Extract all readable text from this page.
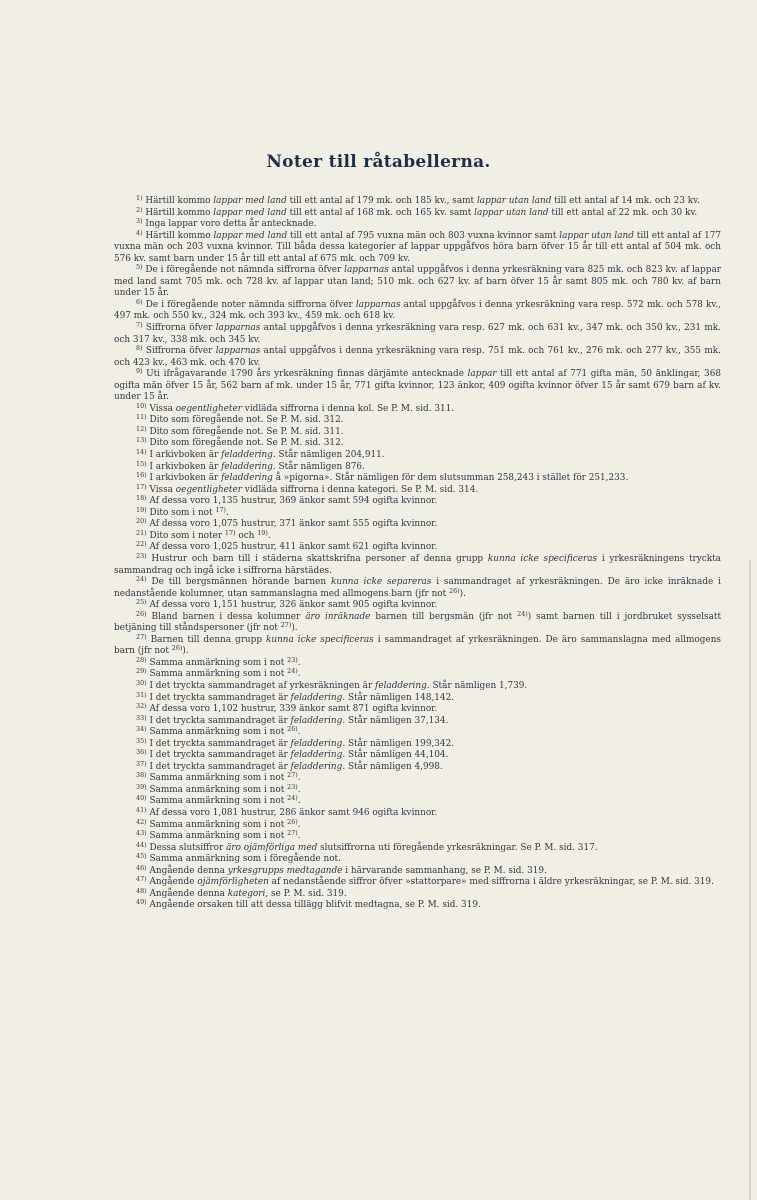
Noter till råtabellerna.

$^{1)}$ Härtill kommo lappar med land till ett antal af 179 mk. och 185 kv., samt lappar utan land till ett antal af 14 mk. och 23 kv.

$^{2)}$ Härtill kommo lappar med land till ett antal af 168 mk. och 165 kv. samt lappar utan land till ett antal af 22 mk. och 30 kv.

$^{3)}$ Inga lappar voro detta år antecknade.

$^{4)}$ Härtill kommo lappar med land till ett antal af 795 vuxna män och 803 vuxna kvinnor samt lappar utan land till ett antal af 177 vuxna män och 203 vuxna kvinnor. Till båda dessa kategorier af lappar uppgåfvos höra barn öfver 15 år till ett antal af 504 mk. och 576 kv. samt barn under 15 år till ett antal af 675 mk. och 709 kv.

$^{5)}$ De i föregående not nämnda siffrorna öfver lapparnas antal uppgåfvos i denna yrkesräkning vara 825 mk. och 823 kv. af lappar med land samt 705 mk. och 728 kv. af lappar utan land; 510 mk. och 627 kv. af barn öfver 15 år samt 805 mk. och 780 kv. af barn under 15 år.

$^{6)}$ De i föregående noter nämnda siffrorna öfver lapparnas antal uppgåfvos i denna yrkesräkning vara resp. 572 mk. och 578 kv., 497 mk. och 550 kv., 324 mk. och 393 kv., 459 mk. och 618 kv.

$^{7)}$ Siffrorna öfver lapparnas antal uppgåfvos i denna yrkesräkning vara resp. 627 mk. och 631 kv., 347 mk. och 350 kv., 231 mk. och 317 kv., 338 mk. och 345 kv.

$^{8)}$ Siffrorna öfver lapparnas antal uppgåfvos i denna yrkesräkning vara resp. 751 mk. och 761 kv., 276 mk. och 277 kv., 355 mk. och 423 kv., 463 mk. och 470 kv.

$^{9)}$ Uti ifrågavarande 1790 års yrkesräkning finnas därjämte antecknade lappar till ett antal af 771 gifta män, 50 änklingar, 368 ogifta män öfver 15 år, 562 barn af mk. under 15 år, 771 gifta kvinnor, 123 änkor, 409 ogifta kvinnor öfver 15 år samt 679 barn af kv. under 15 år.

$^{10)}$ Vissa oegentligheter vidläda siffrorna i denna kol. Se P. M. sid. 311.

$^{11)}$ Dito som föregående not. Se P. M. sid. 312.

$^{12)}$ Dito som föregående not. Se P. M. sid. 311.

$^{13)}$ Dito som föregående not. Se P. M. sid. 312.

$^{14)}$ I arkivboken är feladdering. Står nämligen 204,911.

$^{15)}$ I arkivboken är feladdering. Står nämligen 876.

$^{16)}$ I arkivboken är feladdering å »pigorna». Står nämligen för dem slutsumman 258,243 i stället för 251,233.

$^{17)}$ Vissa oegentligheter vidläda siffrorna i denna kategori. Se P. M. sid. 314.

$^{18)}$ Af dessa voro 1,135 hustrur, 369 änkor samt 594 ogifta kvinnor.

$^{19)}$ Dito som i not $^{17)}$.

$^{20)}$ Af dessa voro 1,075 hustrur, 371 änkor samt 555 ogifta kvinnor.

$^{21)}$ Dito som i noter $^{17)}$ och $^{19)}$.

$^{22)}$ Af dessa voro 1,025 hustrur, 411 änkor samt 621 ogifta kvinnor.

$^{23)}$ Hustrur och barn till i städerna skattskrifna personer af denna grupp kunna icke specificeras i yrkesräkningens tryckta sammandrag och ingå icke i siffrorna härstädes.

$^{24)}$ De till bergsmännen hörande barnen kunna icke separeras i sammandraget af yrkesräkningen. De äro icke inräknade i nedanstående kolumner, utan sammanslagna med allmogens barn (jfr not $^{26)}$).

$^{25)}$ Af dessa voro 1,151 hustrur, 326 änkor samt 905 ogifta kvinnor.

$^{26)}$ Bland barnen i dessa kolumner äro inräknade barnen till bergsmän (jfr not $^{24)}$) samt barnen till i jordbruket sysselsatt betjäning till ståndspersoner (jfr not $^{27)}$).

$^{27)}$ Barnen till denna grupp kunna icke specificeras i sammandraget af yrkesräkningen. De äro sammanslagna med allmogens barn (jfr not $^{26)}$).

$^{28)}$ Samma anmärkning som i not $^{23)}$.

$^{29)}$ Samma anmärkning som i not $^{24)}$.

$^{30)}$ I det tryckta sammandraget af yrkesräkningen är feladdering. Står nämligen 1,739.

$^{31)}$ I det tryckta sammandraget är feladdering. Står nämligen 148,142.

$^{32)}$ Af dessa voro 1,102 hustrur, 339 änkor samt 871 ogifta kvinnor.

$^{33)}$ I det tryckta sammandraget är feladdering. Står nämligen 37,134.

$^{34)}$ Samma anmärkning som i not $^{26)}$.

$^{35)}$ I det tryckta sammandraget är feladdering. Står nämligen 199,342.

$^{36)}$ I det tryckta sammandraget är feladdering. Står nämligen 44,104.

$^{37)}$ I det tryckta sammandraget är feladdering. Står nämligen 4,998.

$^{38)}$ Samma anmärkning som i not $^{27)}$.

$^{39)}$ Samma anmärkning som i not $^{23)}$.

$^{40)}$ Samma anmärkning som i not $^{24)}$.

$^{41)}$ Af dessa voro 1,081 hustrur, 286 änkor samt 946 ogifta kvinnor.

$^{42)}$ Samma anmärkning som i not $^{26)}$.

$^{43)}$ Samma anmärkning som i not $^{27)}$.

$^{44)}$ Dessa slutsiffror äro ojämförliga med slutsiffrorna uti föregående yrkesräkningar. Se P. M. sid. 317.

$^{45)}$ Samma anmärkning som i föregående not.

$^{46)}$ Angående denna yrkesgrupps medtagande i härvarande sammanhang, se P. M. sid. 319.

$^{47)}$ Angående ojämförligheten af nedanstående siffror öfver »stattorpare» med siffrorna i äldre yrkesräkningar, se P. M. sid. 319.

$^{48)}$ Angående denna kategori, se P. M. sid. 319.

$^{49)}$ Angående orsaken till att dessa tillägg blifvit medtagna, se P. M. sid. 319.
